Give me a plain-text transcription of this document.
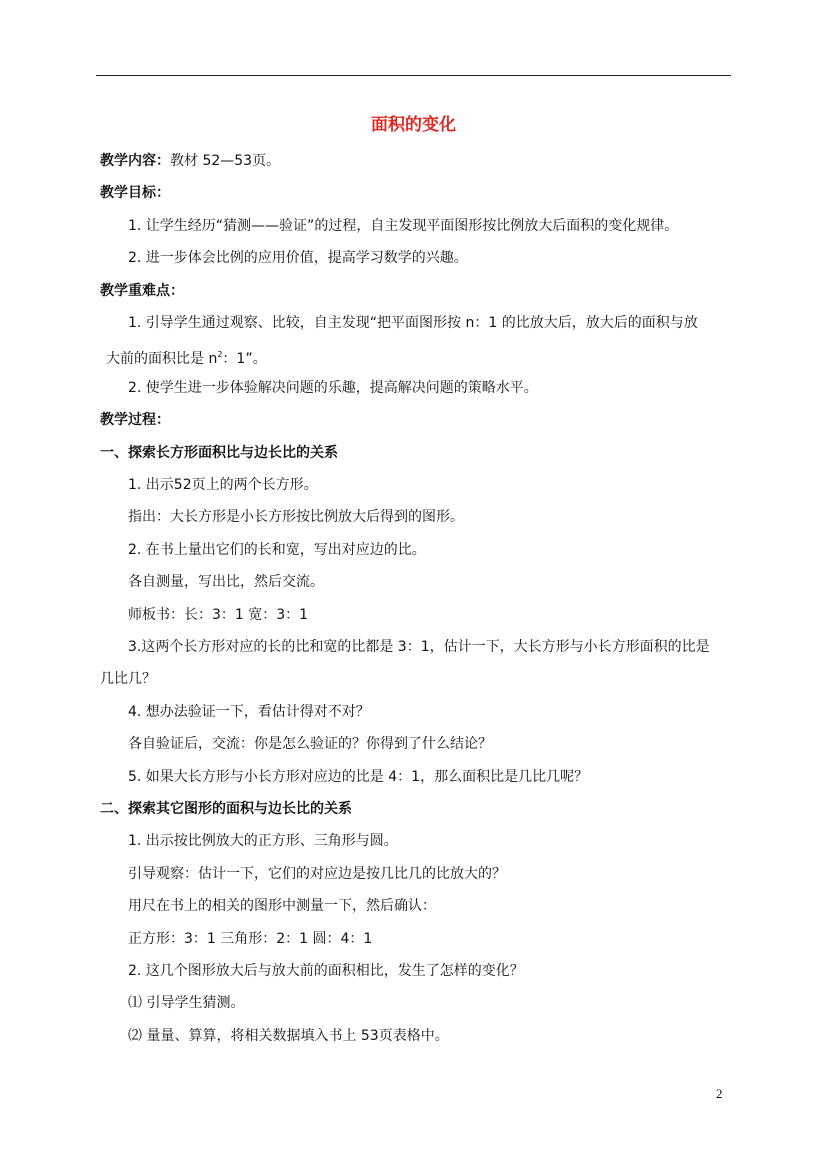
面积的变化
教学内容：教材 52—53页。
教学目标：
1. 让学生经历“猜测——验证”的过程，自主发现平面图形按比例放大后面积的变化规律。
2. 进一步体会比例的应用价值，提高学习数学的兴趣。
教学重难点：
1. 引导学生通过观察、比较，自主发现“把平面图形按 n：1 的比放大后，放大后的面积与放
大前的面积比是 $n^2$：1”。
2. 使学生进一步体验解决问题的乐趣，提高解决问题的策略水平。
教学过程：
一、探索长方形面积比与边长比的关系
1. 出示52页上的两个长方形。
指出：大长方形是小长方形按比例放大后得到的图形。
2. 在书上量出它们的长和宽，写出对应边的比。
各自测量，写出比，然后交流。
师板书：长：3：1 宽：3：1
3.这两个长方形对应的长的比和宽的比都是 3：1，估计一下，大长方形与小长方形面积的比是
几比几？
4. 想办法验证一下，看估计得对不对？
各自验证后，交流：你是怎么验证的？你得到了什么结论？
5. 如果大长方形与小长方形对应边的比是 4：1，那么面积比是几比几呢？
二、探索其它图形的面积与边长比的关系
1. 出示按比例放大的正方形、三角形与圆。
引导观察：估计一下，它们的对应边是按几比几的比放大的？
用尺在书上的相关的图形中测量一下，然后确认：
正方形：3：1 三角形：2：1 圆：4：1
2. 这几个图形放大后与放大前的面积相比，发生了怎样的变化？
⑴ 引导学生猜测。
⑵ 量量、算算，将相关数据填入书上 53页表格中。
2
